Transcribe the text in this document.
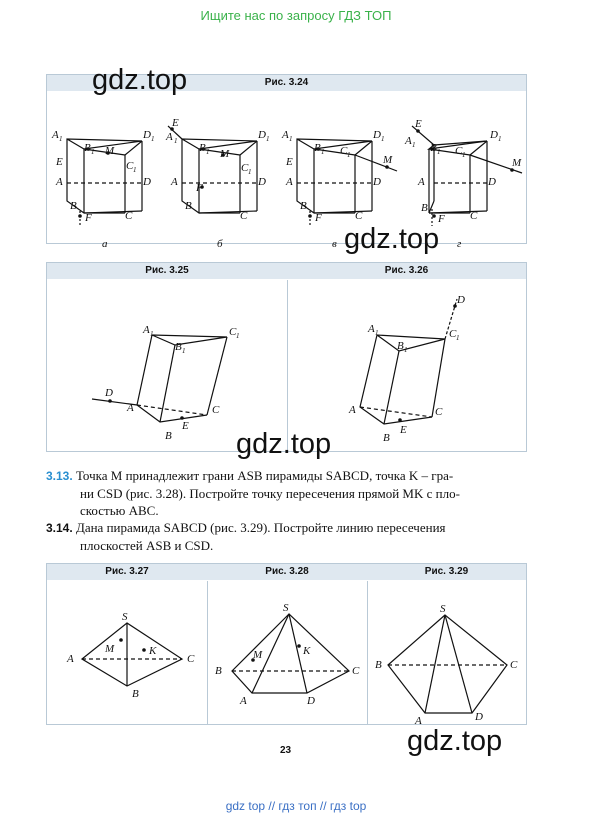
Ищите нас по запросу ГДЗ ТОП
Рис. 3.24
A 1
B 1 M
D 1
C 1
E
A	D
B
F	C
E
A 1
B 1 M
D 1
C 1
A	D
F
B
C
A 1
B 1 C 1
D 1
M
E
A	D
B
F	C
E
A 1 B 1 C 1
D 1
M
A	D
B
F C
а	б	в	г
Рис. 3.25	Рис. 3.26
A 1
B 1
C 1
D
A
B
E
C
A 1
B 1
C 1
D
A
B
E
C
3.13. Точка M принадлежит грани ASB пирамиды SABCD, точка K – гра-
ни CSD (рис. 3.28). Постройте точку пересечения прямой MK с пло-
скостью ABC.
3.14. Дана пирамида SABCD (рис. 3.29). Постройте линию пересечения
плоскостей ASB и CSD.
Рис. 3.27	Рис. 3.28	Рис. 3.29
S
A	C
B
M	K
S
B
A	D
C
M	K
S
B	C
A	D
23
gdz.top
gdz.top
gdz.top
gdz.top
gdz top // гдз топ // гдз top
